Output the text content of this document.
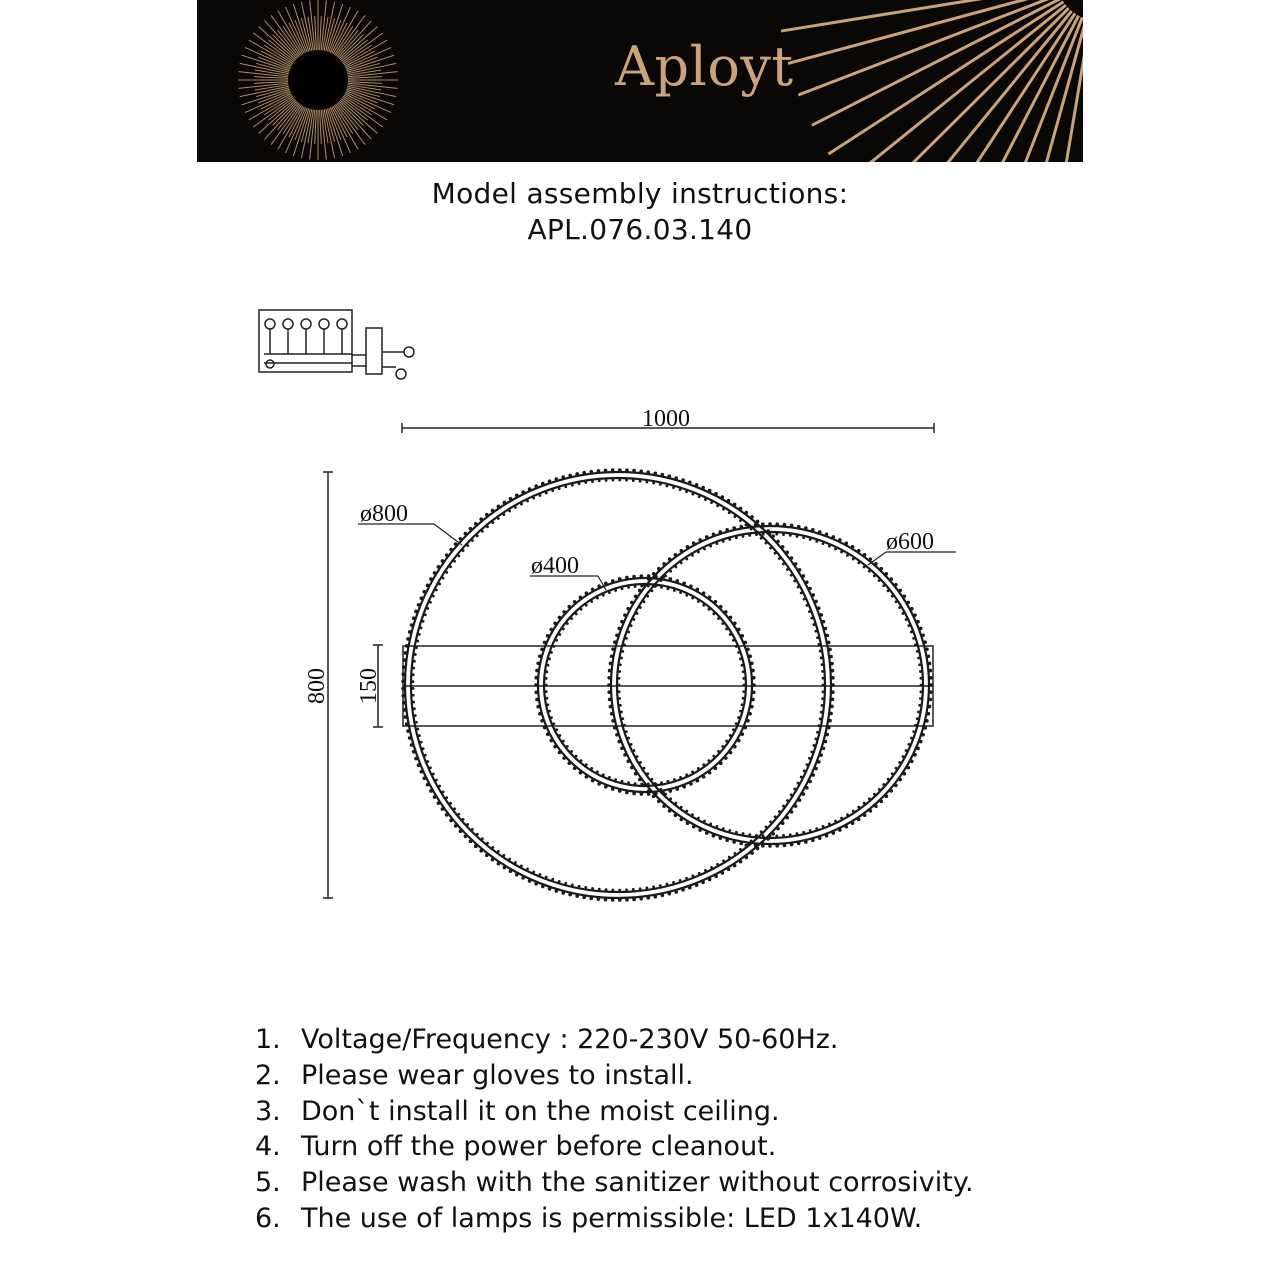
Aployt
Model assembly instructions:
APL.076.03.140
1000
800 150
ø800
ø600
ø400
1. Voltage/Frequency : 220-230V 50-60Hz.
2. Please wear gloves to install.
3. Don`t install it on the moist ceiling.
4. Turn off the power before cleanout.
5. Please wash with the sanitizer without corrosivity.
6. The use of lamps is permissible: LED 1x140W.
